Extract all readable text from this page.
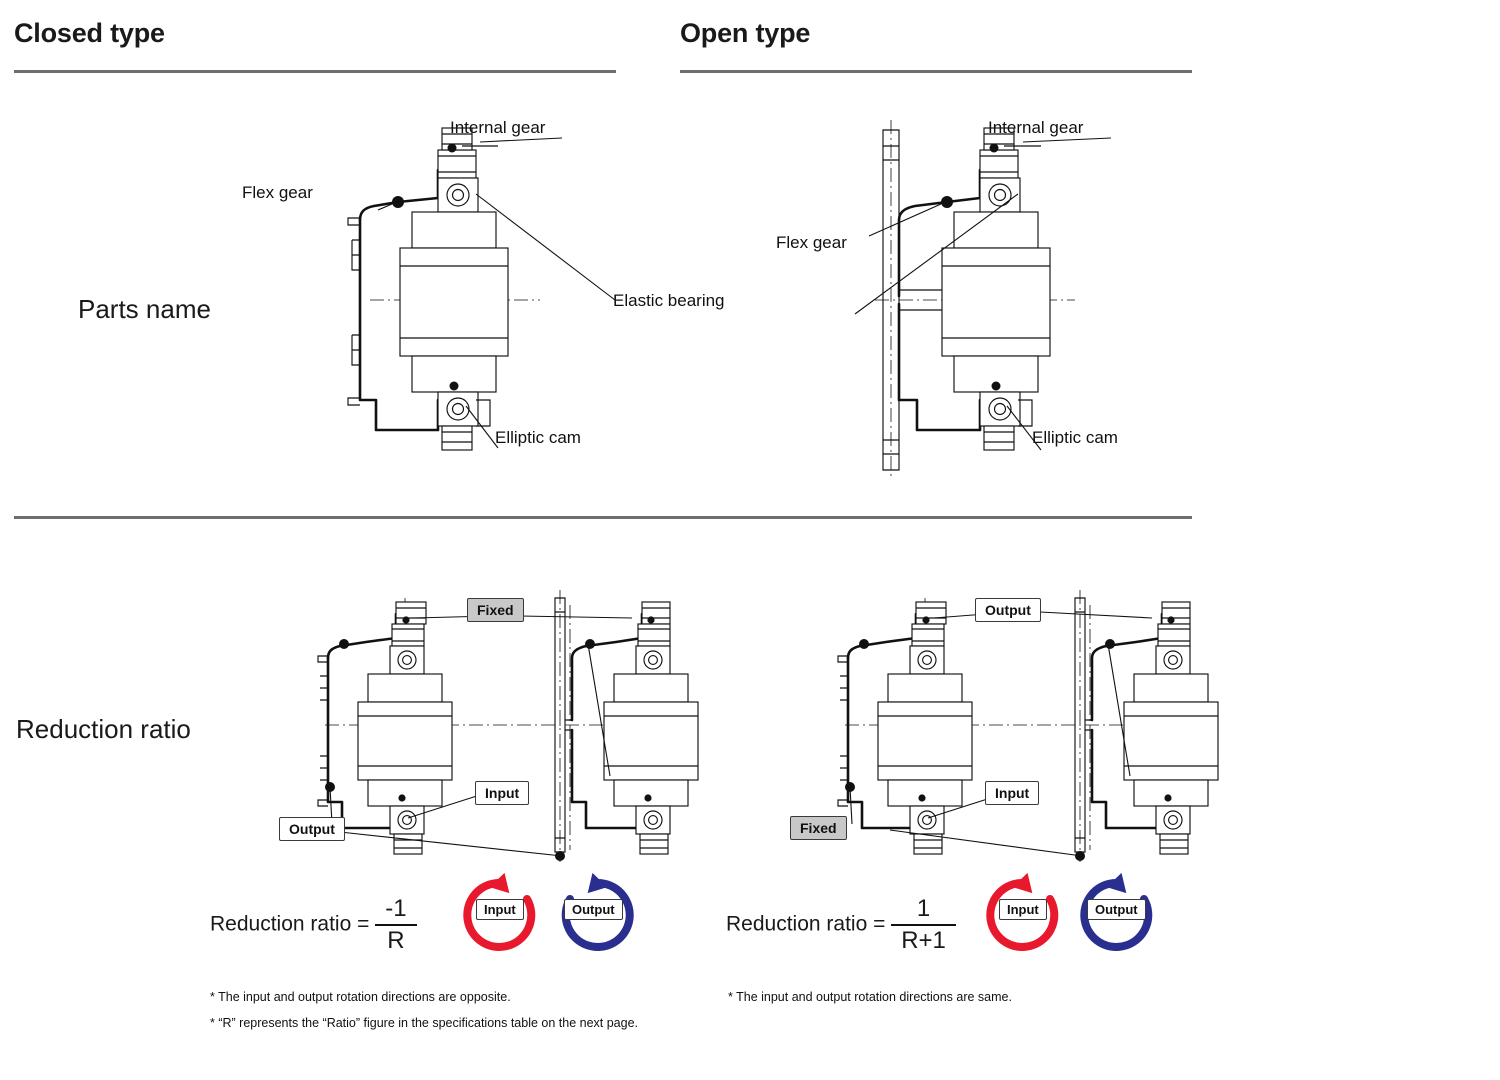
Closed type	Open type
Parts name
Reduction ratio
Internal gear
Flex gear
Elastic bearing
Elliptic cam
Internal gear
Flex gear
Elliptic cam
Fixed
Input
Output
Reduction ratio = $\frac{-1}{R}$	Input	Output
* The input and output rotation directions are opposite.
* “R” represents the “Ratio” figure in the specifications table on the next page.
Output
Input
Fixed
Reduction ratio = $\frac{1}{R+1}$	Input	Output
* The input and output rotation directions are same.
